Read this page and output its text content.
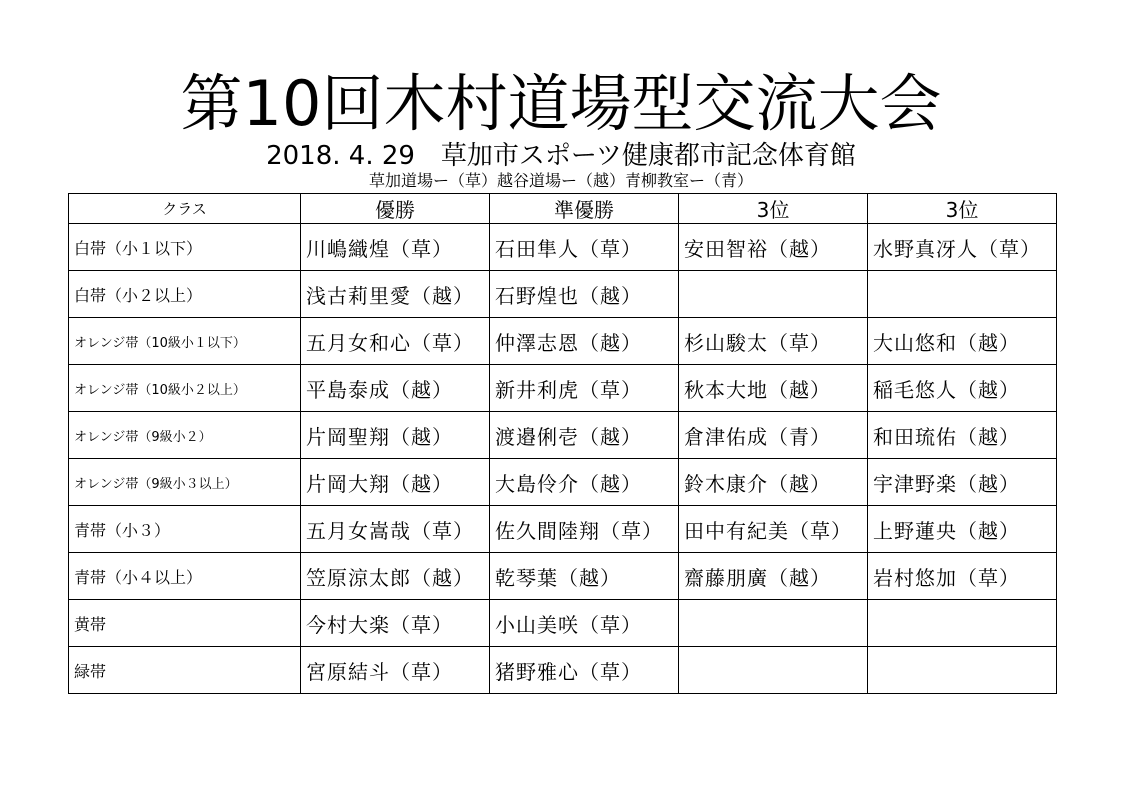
第10回木村道場型交流大会
2018. 4. 29　草加市スポーツ健康都市記念体育館
草加道場ー（草）越谷道場ー（越）青柳教室ー（青）
クラス	優勝	準優勝	3位	3位
白帯（小１以下）	川嶋織煌（草）	石田隼人（草）	安田智裕（越）	水野真冴人（草）
白帯（小２以上）	浅古莉里愛（越）	石野煌也（越）		
オレンジ帯（10級小１以下）	五月女和心（草）	仲澤志恩（越）	杉山駿太（草）	大山悠和（越）
オレンジ帯（10級小２以上）	平島泰成（越）	新井利虎（草）	秋本大地（越）	稲毛悠人（越）
オレンジ帯（9級小２）	片岡聖翔（越）	渡邉俐壱（越）	倉津佑成（青）	和田琉佑（越）
オレンジ帯（9級小３以上）	片岡大翔（越）	大島伶介（越）	鈴木康介（越）	宇津野楽（越）
青帯（小３）	五月女嵩哉（草）	佐久間陸翔（草）	田中有紀美（草）	上野蓮央（越）
青帯（小４以上）	笠原涼太郎（越）	乾琴葉（越）	齋藤朋廣（越）	岩村悠加（草）
黄帯	今村大楽（草）	小山美咲（草）		
緑帯	宮原結斗（草）	猪野雅心（草）		
